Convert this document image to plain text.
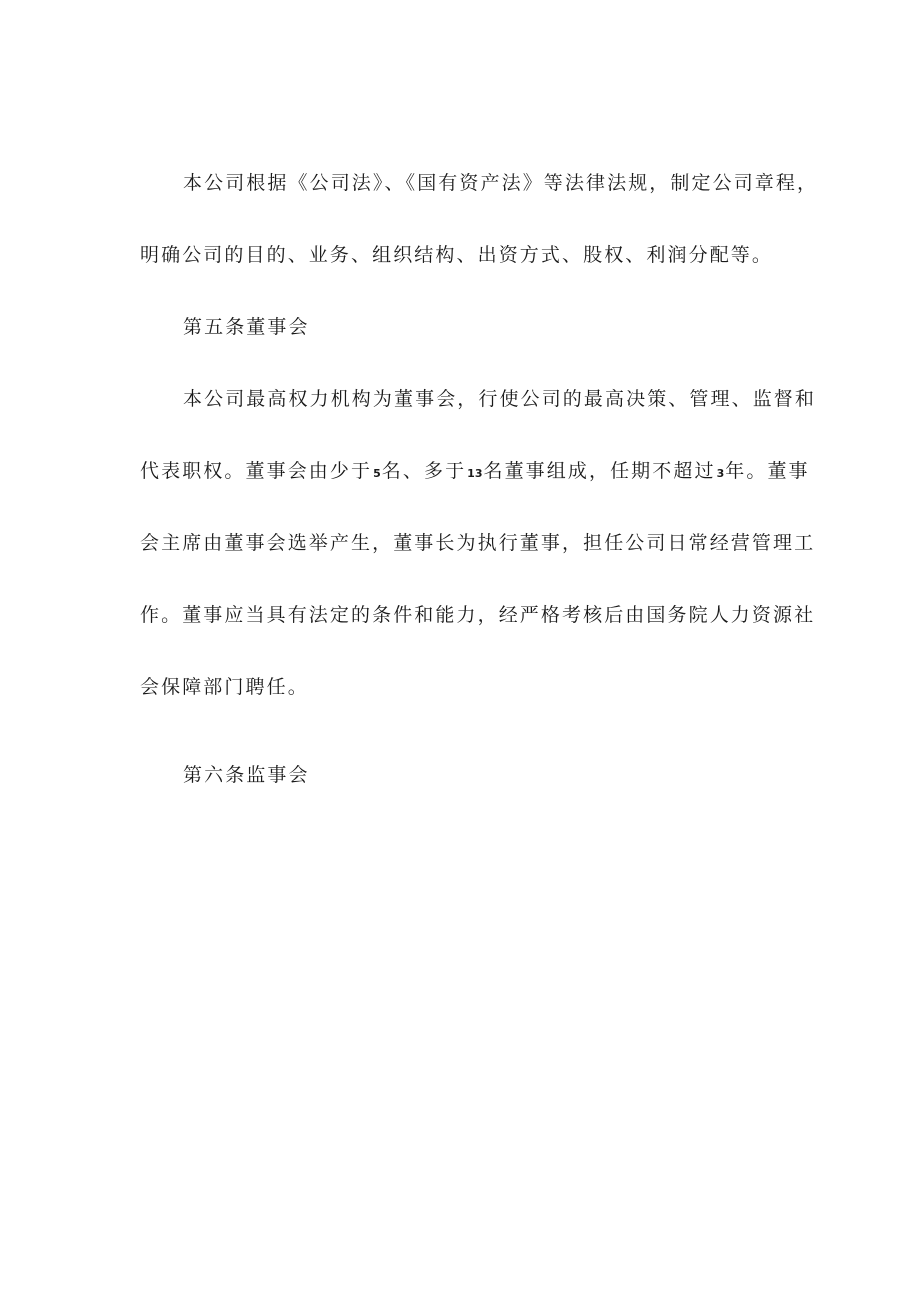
本公司根据《公司法》、《国有资产法》等法律法规，制定公司章程，
明确公司的目的、业务、组织结构、出资方式、股权、利润分配等。
第五条董事会
本公司最高权力机构为董事会，行使公司的最高决策、管理、监督和
代表职权。董事会由少于5名、多于13名董事组成，任期不超过3年。董事
会主席由董事会选举产生，董事长为执行董事，担任公司日常经营管理工
作。董事应当具有法定的条件和能力，经严格考核后由国务院人力资源社
会保障部门聘任。
第六条监事会
